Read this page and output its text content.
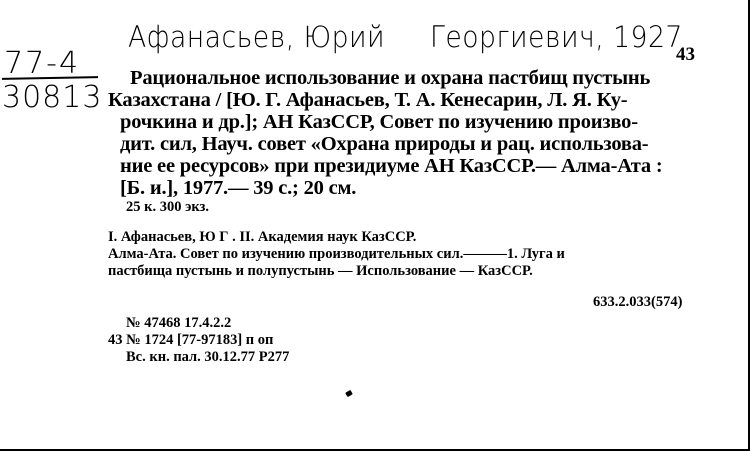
Афанасьев, Юрий Георгиевич, 1927
77-4
30813
43
Рациональное использование и охрана пастбищ пустынь
Казахстана / [Ю. Г. Афанасьев, Т. А. Кенесарин, Л. Я. Ку-
рочкина и др.]; АН КазССР, Совет по изучению произво-
дит. сил, Науч. совет «Охрана природы и рац. использова-
ние ее ресурсов» при президиуме АН КазССР.— Алма-Ата :
[Б. и.], 1977.— 39 с.; 20 см.
25 к. 300 экз.
I. Афанасьев, Ю Г . II. Академия наук КазССР.
Алма-Ата. Совет по изучению производительных сил.———1. Луга и
пастбища пустынь и полупустынь — Использование — КазССР.
633.2.033(574)
№ 47468 17.4.2.2
43 № 1724 [77-97183] п оп
Вс. кн. пал. 30.12.77 Р277
